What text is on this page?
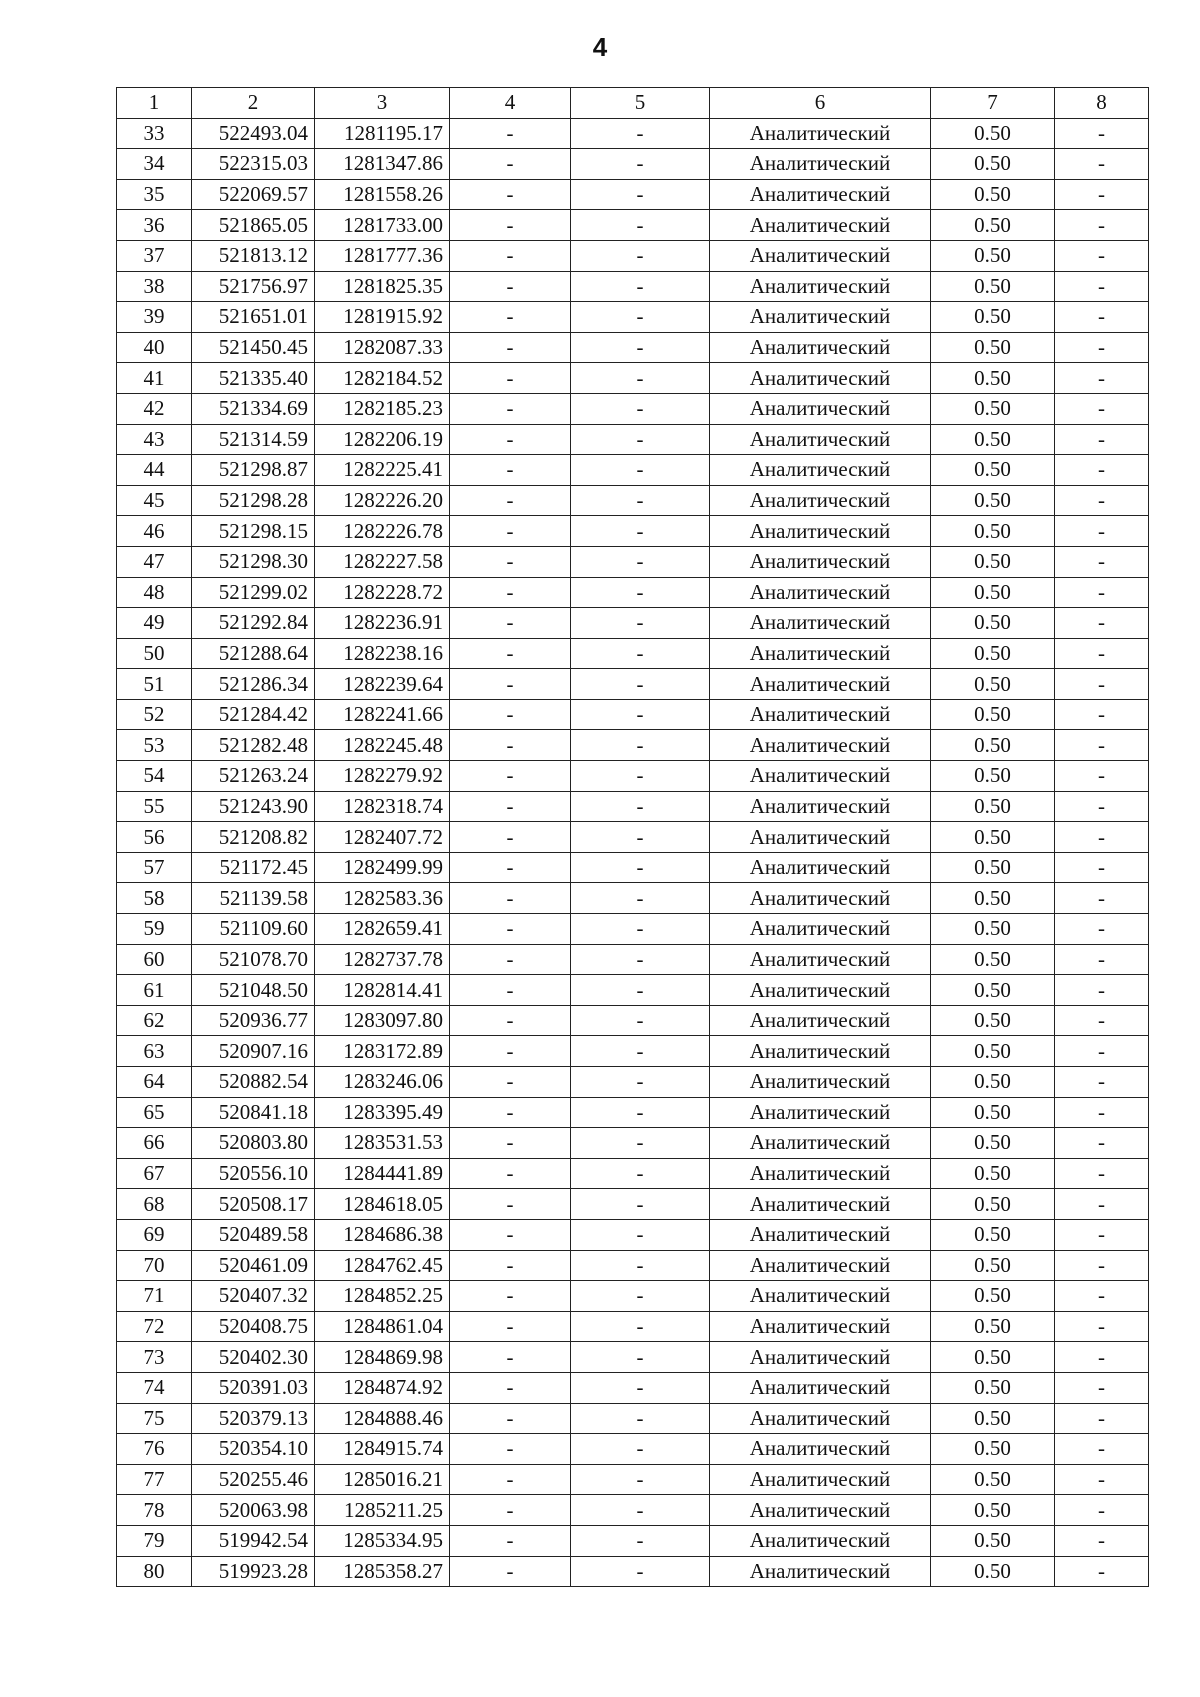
4
1	2	3	4	5	6	7	8
33	522493.04	1281195.17	-	-	Аналитический	0.50	-
34	522315.03	1281347.86	-	-	Аналитический	0.50	-
35	522069.57	1281558.26	-	-	Аналитический	0.50	-
36	521865.05	1281733.00	-	-	Аналитический	0.50	-
37	521813.12	1281777.36	-	-	Аналитический	0.50	-
38	521756.97	1281825.35	-	-	Аналитический	0.50	-
39	521651.01	1281915.92	-	-	Аналитический	0.50	-
40	521450.45	1282087.33	-	-	Аналитический	0.50	-
41	521335.40	1282184.52	-	-	Аналитический	0.50	-
42	521334.69	1282185.23	-	-	Аналитический	0.50	-
43	521314.59	1282206.19	-	-	Аналитический	0.50	-
44	521298.87	1282225.41	-	-	Аналитический	0.50	-
45	521298.28	1282226.20	-	-	Аналитический	0.50	-
46	521298.15	1282226.78	-	-	Аналитический	0.50	-
47	521298.30	1282227.58	-	-	Аналитический	0.50	-
48	521299.02	1282228.72	-	-	Аналитический	0.50	-
49	521292.84	1282236.91	-	-	Аналитический	0.50	-
50	521288.64	1282238.16	-	-	Аналитический	0.50	-
51	521286.34	1282239.64	-	-	Аналитический	0.50	-
52	521284.42	1282241.66	-	-	Аналитический	0.50	-
53	521282.48	1282245.48	-	-	Аналитический	0.50	-
54	521263.24	1282279.92	-	-	Аналитический	0.50	-
55	521243.90	1282318.74	-	-	Аналитический	0.50	-
56	521208.82	1282407.72	-	-	Аналитический	0.50	-
57	521172.45	1282499.99	-	-	Аналитический	0.50	-
58	521139.58	1282583.36	-	-	Аналитический	0.50	-
59	521109.60	1282659.41	-	-	Аналитический	0.50	-
60	521078.70	1282737.78	-	-	Аналитический	0.50	-
61	521048.50	1282814.41	-	-	Аналитический	0.50	-
62	520936.77	1283097.80	-	-	Аналитический	0.50	-
63	520907.16	1283172.89	-	-	Аналитический	0.50	-
64	520882.54	1283246.06	-	-	Аналитический	0.50	-
65	520841.18	1283395.49	-	-	Аналитический	0.50	-
66	520803.80	1283531.53	-	-	Аналитический	0.50	-
67	520556.10	1284441.89	-	-	Аналитический	0.50	-
68	520508.17	1284618.05	-	-	Аналитический	0.50	-
69	520489.58	1284686.38	-	-	Аналитический	0.50	-
70	520461.09	1284762.45	-	-	Аналитический	0.50	-
71	520407.32	1284852.25	-	-	Аналитический	0.50	-
72	520408.75	1284861.04	-	-	Аналитический	0.50	-
73	520402.30	1284869.98	-	-	Аналитический	0.50	-
74	520391.03	1284874.92	-	-	Аналитический	0.50	-
75	520379.13	1284888.46	-	-	Аналитический	0.50	-
76	520354.10	1284915.74	-	-	Аналитический	0.50	-
77	520255.46	1285016.21	-	-	Аналитический	0.50	-
78	520063.98	1285211.25	-	-	Аналитический	0.50	-
79	519942.54	1285334.95	-	-	Аналитический	0.50	-
80	519923.28	1285358.27	-	-	Аналитический	0.50	-
